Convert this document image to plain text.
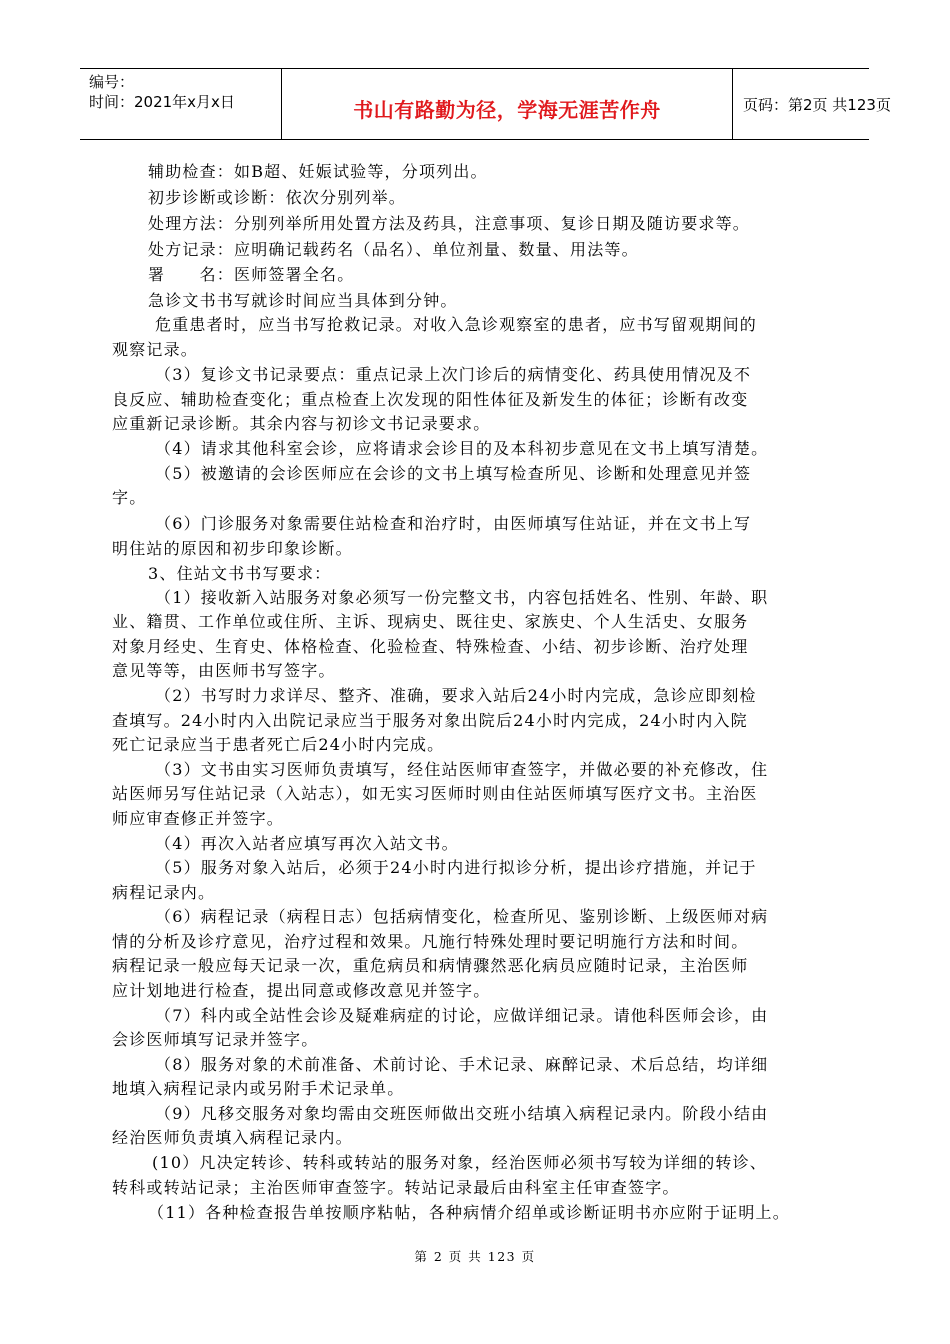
编号：
时间：2021年x月x日	书山有路勤为径，学海无涯苦作舟	页码：第2页 共123页
辅助检查：如B超、妊娠试验等，分项列出。
初步诊断或诊断：依次分别列举。
处理方法：分别列举所用处置方法及药具，注意事项、复诊日期及随访要求等。
处方记录：应明确记载药名（品名）、单位剂量、数量、用法等。
署　　名：医师签署全名。
急诊文书书写就诊时间应当具体到分钟。
危重患者时，应当书写抢救记录。对收入急诊观察室的患者，应书写留观期间的
观察记录。
（3）复诊文书记录要点：重点记录上次门诊后的病情变化、药具使用情况及不
良反应、辅助检查变化；重点检查上次发现的阳性体征及新发生的体征；诊断有改变
应重新记录诊断。其余内容与初诊文书记录要求。
（4）请求其他科室会诊，应将请求会诊目的及本科初步意见在文书上填写清楚。
（5）被邀请的会诊医师应在会诊的文书上填写检查所见、诊断和处理意见并签
字。
（6）门诊服务对象需要住站检查和治疗时，由医师填写住站证，并在文书上写
明住站的原因和初步印象诊断。
3、住站文书书写要求：
（1）接收新入站服务对象必须写一份完整文书，内容包括姓名、性别、年龄、职
业、籍贯、工作单位或住所、主诉、现病史、既往史、家族史、个人生活史、女服务
对象月经史、生育史、体格检查、化验检查、特殊检查、小结、初步诊断、治疗处理
意见等等，由医师书写签字。
（2）书写时力求详尽、整齐、准确，要求入站后24小时内完成，急诊应即刻检
查填写。24小时内入出院记录应当于服务对象出院后24小时内完成，24小时内入院
死亡记录应当于患者死亡后24小时内完成。
（3）文书由实习医师负责填写，经住站医师审查签字，并做必要的补充修改，住
站医师另写住站记录（入站志），如无实习医师时则由住站医师填写医疗文书。主治医
师应审查修正并签字。
（4）再次入站者应填写再次入站文书。
（5）服务对象入站后，必须于24小时内进行拟诊分析，提出诊疗措施，并记于
病程记录内。
（6）病程记录（病程日志）包括病情变化，检查所见、鉴别诊断、上级医师对病
情的分析及诊疗意见，治疗过程和效果。凡施行特殊处理时要记明施行方法和时间。
病程记录一般应每天记录一次，重危病员和病情骤然恶化病员应随时记录，主治医师
应计划地进行检查，提出同意或修改意见并签字。
（7）科内或全站性会诊及疑难病症的讨论，应做详细记录。请他科医师会诊，由
会诊医师填写记录并签字。
（8）服务对象的术前准备、术前讨论、手术记录、麻醉记录、术后总结，均详细
地填入病程记录内或另附手术记录单。
（9）凡移交服务对象均需由交班医师做出交班小结填入病程记录内。阶段小结由
经治医师负责填入病程记录内。
(10）凡决定转诊、转科或转站的服务对象，经治医师必须书写较为详细的转诊、
转科或转站记录；主治医师审查签字。转站记录最后由科室主任审查签字。
（11）各种检查报告单按顺序粘帖，各种病情介绍单或诊断证明书亦应附于证明上。
第 2 页 共 123 页
